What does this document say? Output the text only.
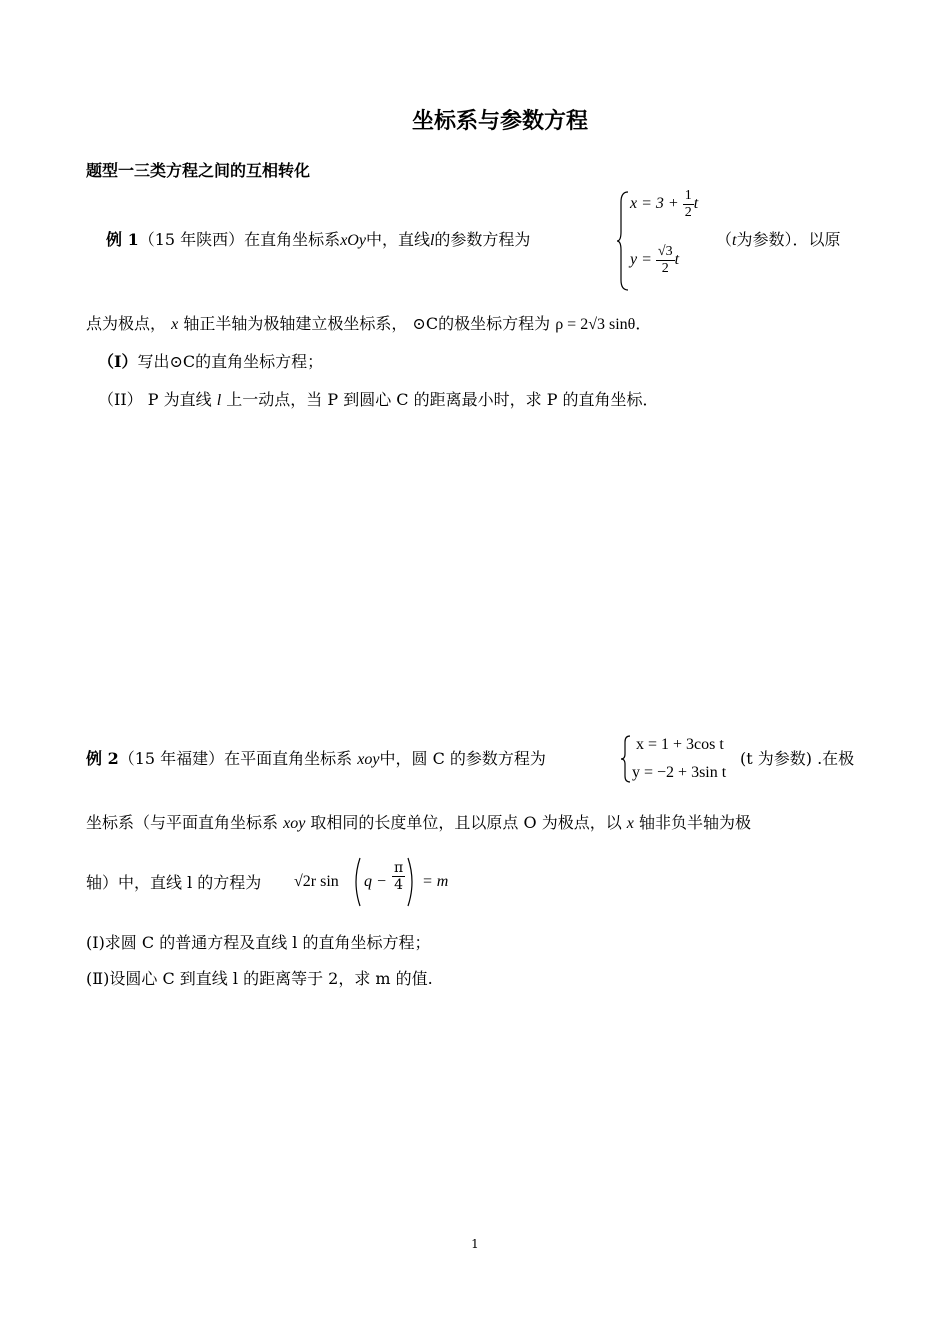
坐标系与参数方程
题型一三类方程之间的互相转化
例 1（15 年陕西）在直角坐标系xOy中，直线l的参数方程为
$x = 3 + \frac{1}{2}$ t
$y = \frac{√3}{2}$ t
（t为参数）．以原
点为极点， x 轴正半轴为极轴建立极坐标系， ⊙C的极坐标方程为 ρ = 2√3 sinθ．
（I）写出⊙C的直角坐标方程；
（II） P 为直线 l 上一动点，当 P 到圆心 C 的距离最小时，求 P 的直角坐标．
例 2（15 年福建）在平面直角坐标系 xoy中，圆 C 的参数方程为
x = 1 + 3cos t
y = −2 + 3sin t
(t 为参数) .在极
坐标系（与平面直角坐标系 xoy 取相同的长度单位，且以原点 O 为极点，以 x 轴非负半轴为极
轴）中，直线 l 的方程为 √2r $\sin q - \frac{\pi}{4} = m$
(Ⅰ)求圆 C 的普通方程及直线 l 的直角坐标方程；
(Ⅱ)设圆心 C 到直线 l 的距离等于 2，求 m 的值.
1
